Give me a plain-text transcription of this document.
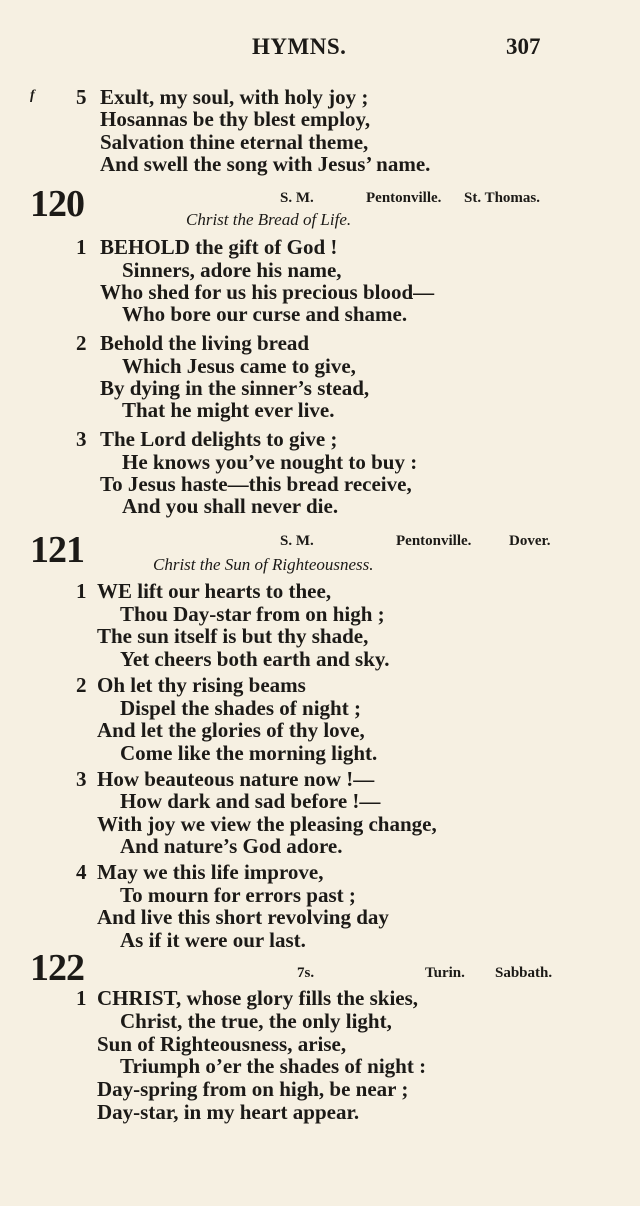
HYMNS.	307
f 5 Exult, my soul, with holy joy ;
Hosannas be thy blest employ,
Salvation thine eternal theme,
And swell the song with Jesus’ name.
120	S. M.	Pentonville. St. Thomas.
Christ the Bread of Life.
1 BEHOLD the gift of God !
Sinners, adore his name,
Who shed for us his precious blood—
Who bore our curse and shame.
2 Behold the living bread
Which Jesus came to give,
By dying in the sinner’s stead,
That he might ever live.
3 The Lord delights to give ;
He knows you’ve nought to buy :
To Jesus haste—this bread receive,
And you shall never die.
121	S. M.	Pentonville.	Dover.
Christ the Sun of Righteousness.
1 WE lift our hearts to thee,
Thou Day-star from on high ;
The sun itself is but thy shade,
Yet cheers both earth and sky.
2 Oh let thy rising beams
Dispel the shades of night ;
And let the glories of thy love,
Come like the morning light.
3 How beauteous nature now !—
How dark and sad before !—
With joy we view the pleasing change,
And nature’s God adore.
4 May we this life improve,
To mourn for errors past ;
And live this short revolving day
As if it were our last.
122	7s.	Turin. Sabbath.
1 CHRIST, whose glory fills the skies,
Christ, the true, the only light,
Sun of Righteousness, arise,
Triumph o’er the shades of night :
Day-spring from on high, be near ;
Day-star, in my heart appear.
